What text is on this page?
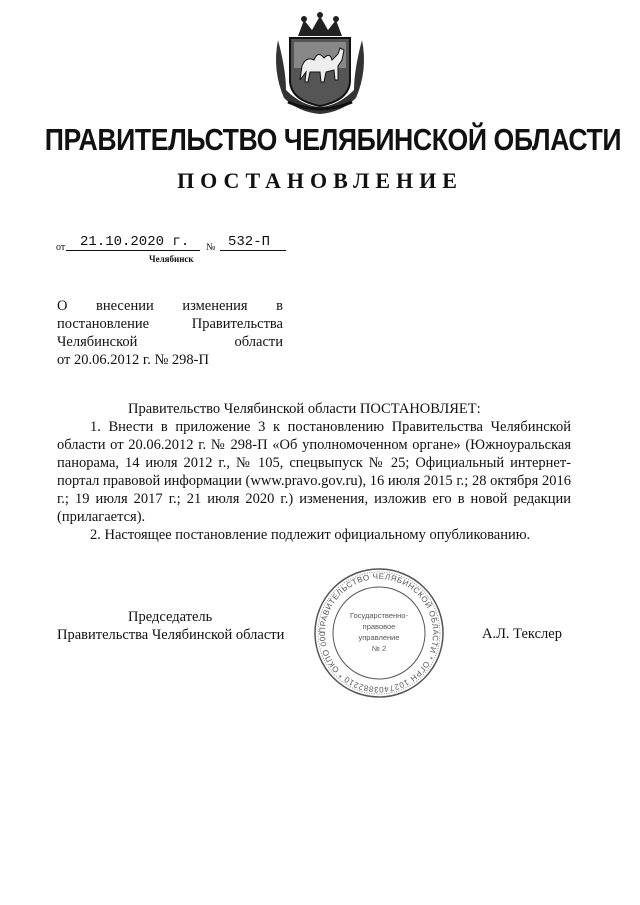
ПРАВИТЕЛЬСТВО ЧЕЛЯБИНСКОЙ ОБЛАСТИ
ПОСТАНОВЛЕНИЕ
от	21.10.2020 г.	№ 532-П
Челябинск
О внесении изменения в
постановление	Правительства
Челябинской	области
от 20.06.2012 г. № 298-П
Правительство Челябинской области ПОСТАНОВЛЯЕТ:

1. Внести в приложение 3 к постановлению Правительства Челябинской области от 20.06.2012 г. № 298-П «Об уполномоченном органе» (Южноуральская панорама, 14 июля 2012 г., № 105, спецвыпуск № 25; Официальный интернет-портал правовой информации (www.pravo.gov.ru), 16 июля 2015 г.; 28 октября 2016 г.; 19 июля 2017 г.; 21 июля 2020 г.) изменения, изложив его в новой редакции (прилагается).

2. Настоящее постановление подлежит официальному опубликованию.

Председатель
Правительства Челябинской области	А.Л. Текслер
ПРАВИТЕЛЬСТВО ЧЕЛЯБИНСКОЙ ОБЛАСТИ * ОГРН 1027403882210 * ОКПО 000
Государственно-
правовое
управление
№ 2
